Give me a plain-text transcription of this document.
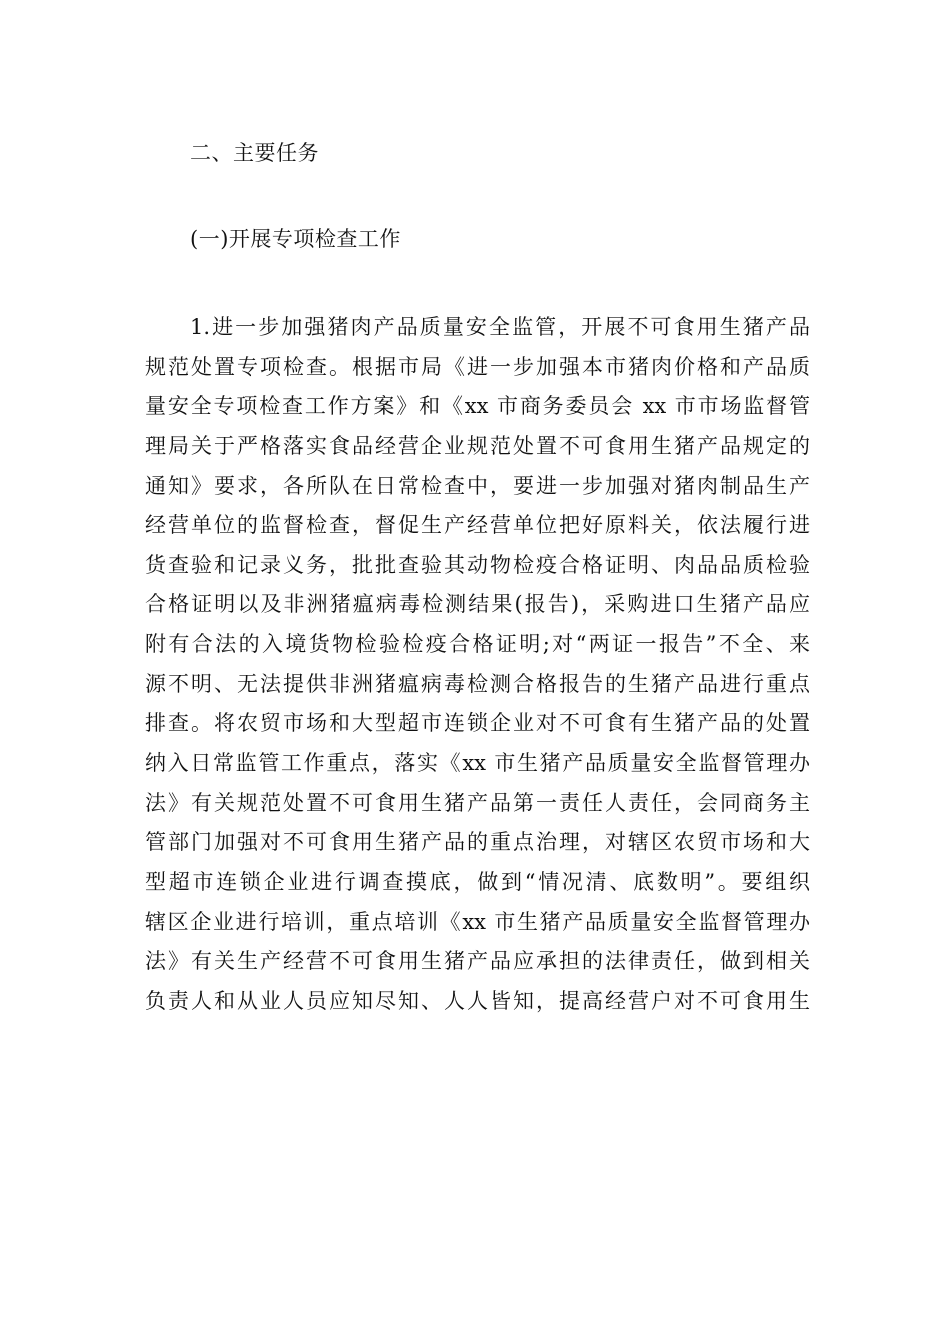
二、主要任务
(一)开展专项检查工作
1.进一步加强猪肉产品质量安全监管，开展不可食用生猪产品
规范处置专项检查。根据市局《进一步加强本市猪肉价格和产品质
量安全专项检查工作方案》和《xx 市商务委员会 xx 市市场监督管
理局关于严格落实食品经营企业规范处置不可食用生猪产品规定的
通知》要求，各所队在日常检查中，要进一步加强对猪肉制品生产
经营单位的监督检查，督促生产经营单位把好原料关，依法履行进
货查验和记录义务，批批查验其动物检疫合格证明、肉品品质检验
合格证明以及非洲猪瘟病毒检测结果(报告)，采购进口生猪产品应
附有合法的入境货物检验检疫合格证明;对“两证一报告”不全、来
源不明、无法提供非洲猪瘟病毒检测合格报告的生猪产品进行重点
排查。将农贸市场和大型超市连锁企业对不可食有生猪产品的处置
纳入日常监管工作重点，落实《xx 市生猪产品质量安全监督管理办
法》有关规范处置不可食用生猪产品第一责任人责任，会同商务主
管部门加强对不可食用生猪产品的重点治理，对辖区农贸市场和大
型超市连锁企业进行调查摸底，做到“情况清、底数明”。要组织
辖区企业进行培训，重点培训《xx 市生猪产品质量安全监督管理办
法》有关生产经营不可食用生猪产品应承担的法律责任，做到相关
负责人和从业人员应知尽知、人人皆知，提高经营户对不可食用生
